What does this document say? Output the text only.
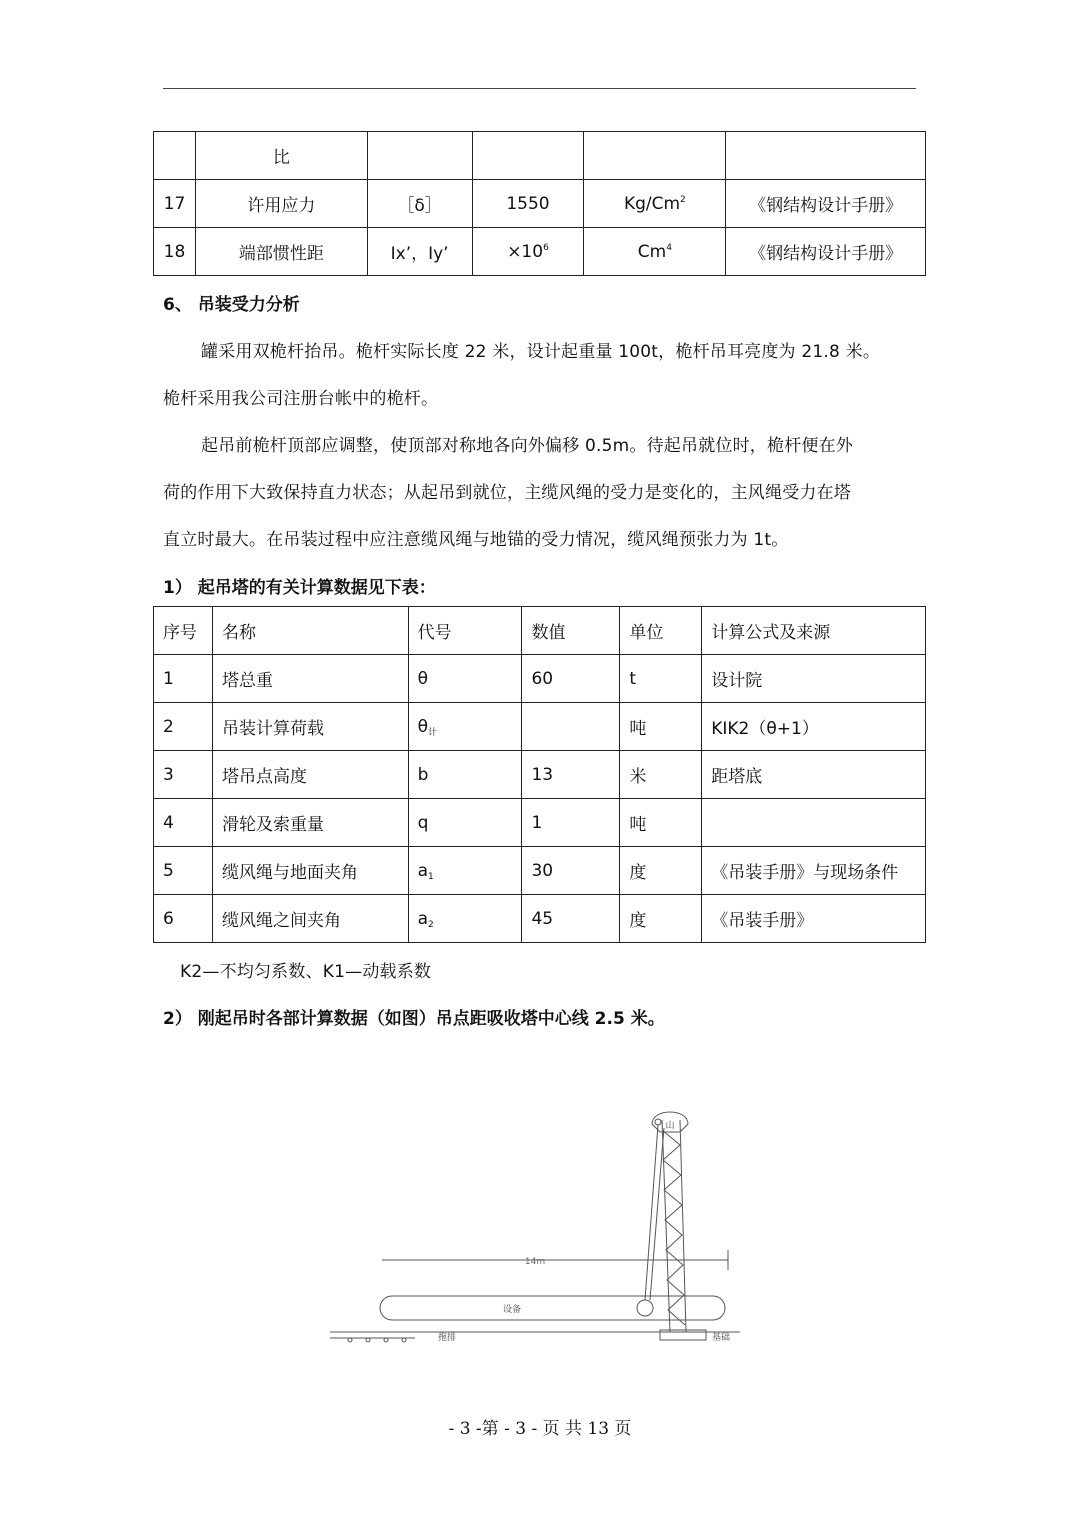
	比				
17	许用应力	［δ］	1550	Kg/Cm$^2$	《钢结构设计手册》
18	端部惯性距	Ix’，Iy’	$\times 10^6$	Cm$^4$	《钢结构设计手册》
6、 吊装受力分析
罐采用双桅杆抬吊。桅杆实际长度 22 米，设计起重量 100t，桅杆吊耳亮度为 21.8 米。
桅杆采用我公司注册台帐中的桅杆。
起吊前桅杆顶部应调整，使顶部对称地各向外偏移 0.5m。待起吊就位时，桅杆便在外
荷的作用下大致保持直力状态；从起吊到就位，主缆风绳的受力是变化的，主风绳受力在塔
直立时最大。在吊装过程中应注意缆风绳与地锚的受力情况，缆风绳预张力为 1t。
1） 起吊塔的有关计算数据见下表：
序号	名称	代号	数值	单位	计算公式及来源
1	塔总重	θ	60	t	设计院
2	吊装计算荷载	$\theta_计$		吨	KIK2（θ+1）
3	塔吊点高度	b	13	米	距塔底
4	滑轮及索重量	q	1	吨	
5	缆风绳与地面夹角	$a_1$	30	度	《吊装手册》与现场条件
6	缆风绳之间夹角	$a_2$	45	度	《吊装手册》
K2—不均匀系数、K1—动载系数
2） 刚起吊时各部计算数据（如图）吊点距吸收塔中心线 2.5 米。
14m
设备
拖排	基础
山
- 3 -第 - 3 - 页 共 13 页
